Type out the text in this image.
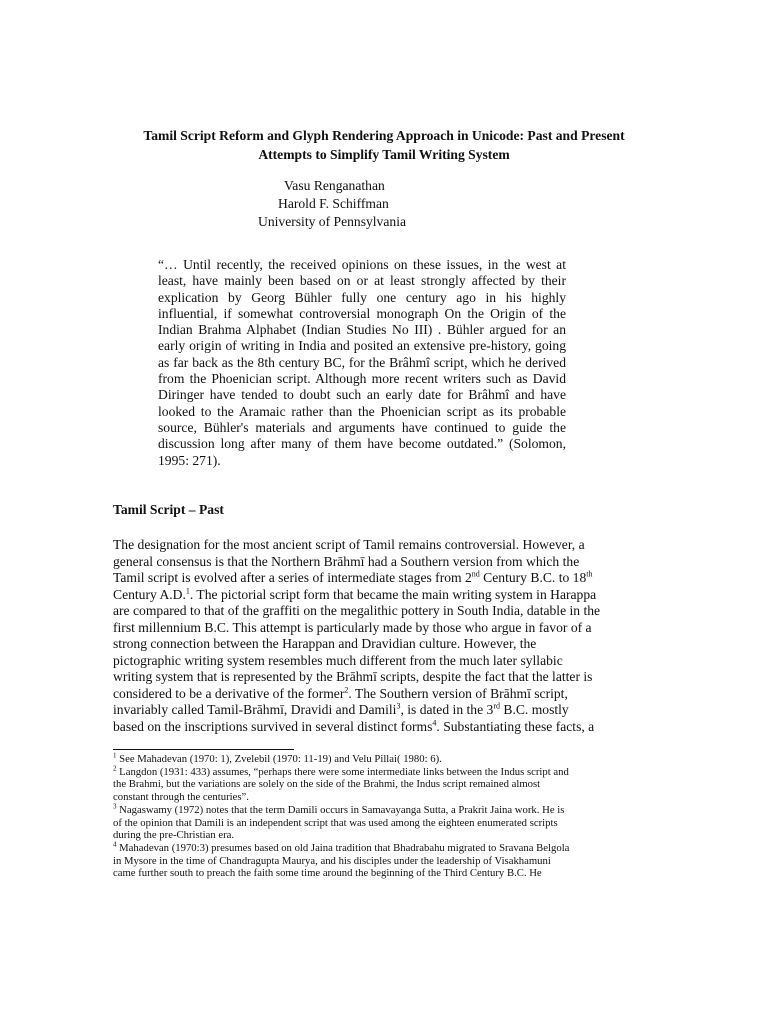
Tamil Script Reform and Glyph Rendering Approach in Unicode: Past and Present
Attempts to Simplify Tamil Writing System
Vasu Renganathan
Harold F. Schiffman
University of Pennsylvania
“… Until recently, the received opinions on these issues, in the west at least, have mainly been based on or at least strongly affected by their explication by Georg Bühler fully one century ago in his highly influential, if somewhat controversial monograph On the Origin of the Indian Brahma Alphabet (Indian Studies No III) . Bühler argued for an early origin of writing in India and posited an extensive pre-history, going as far back as the 8th century BC, for the Brâhmî script, which he derived from the Phoenician script. Although more recent writers such as David Diringer have tended to doubt such an early date for Brâhmî and have looked to the Aramaic rather than the Phoenician script as its probable source, Bühler's materials and arguments have continued to guide the discussion long after many of them have become outdated.” (Solomon, 1995: 271).
Tamil Script – Past
The designation for the most ancient script of Tamil remains controversial. However, a
general consensus is that the Northern Brāhmī had a Southern version from which the
Tamil script is evolved after a series of intermediate stages from 2nd Century B.C. to 18th
Century A.D.$^1$. The pictorial script form that became the main writing system in Harappa
are compared to that of the graffiti on the megalithic pottery in South India, datable in the
first millennium B.C. This attempt is particularly made by those who argue in favor of a
strong connection between the Harappan and Dravidian culture. However, the
pictographic writing system resembles much different from the much later syllabic
writing system that is represented by the Brāhmī scripts, despite the fact that the latter is
considered to be a derivative of the former$^2$. The Southern version of Brāhmī script,
invariably called Tamil-Brāhmī, Dravidi and Damili$^3$, is dated in the 3rd B.C. mostly
based on the inscriptions survived in several distinct forms$^4$. Substantiating these facts, a
$^1$ See Mahadevan (1970: 1), Zvelebil (1970: 11-19) and Velu Pillai( 1980: 6).
$^2$ Langdon (1931: 433) assumes, “perhaps there were some intermediate links between the Indus script and
the Brahmi, but the variations are solely on the side of the Brahmi, the Indus script remained almost
constant through the centuries”.
$^3$ Nagaswamy (1972) notes that the term Damili occurs in Samavayanga Sutta, a Prakrit Jaina work. He is
of the opinion that Damili is an independent script that was used among the eighteen enumerated scripts
during the pre-Christian era.
$^4$ Mahadevan (1970:3) presumes based on old Jaina tradition that Bhadrabahu migrated to Sravana Belgola
in Mysore in the time of Chandragupta Maurya, and his disciples under the leadership of Visakhamuni
came further south to preach the faith some time around the beginning of the Third Century B.C. He
